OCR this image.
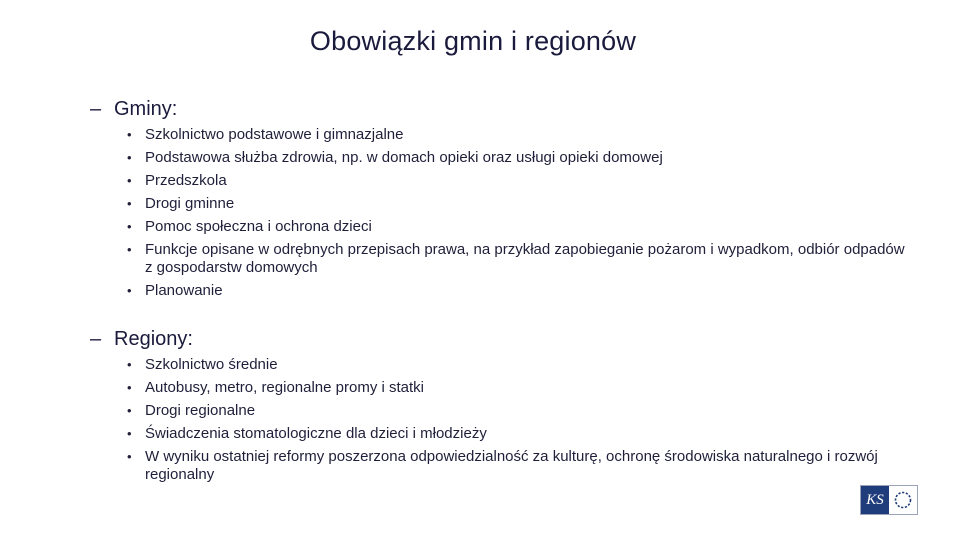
Obowiązki gmin i regionów
– Gminy:
• Szkolnictwo podstawowe i gimnazjalne
• Podstawowa służba zdrowia, np. w domach opieki oraz usługi opieki domowej
• Przedszkola
• Drogi gminne
• Pomoc społeczna i ochrona dzieci
• Funkcje opisane w odrębnych przepisach prawa, na przykład zapobieganie pożarom i wypadkom, odbiór odpadów z gospodarstw domowych
• Planowanie
– Regiony:
• Szkolnictwo średnie
• Autobusy, metro, regionalne promy i statki
• Drogi regionalne
• Świadczenia stomatologiczne dla dzieci i młodzieży
• W wyniku ostatniej reformy poszerzona odpowiedzialność za kulturę, ochronę środowiska naturalnego i rozwój regionalny
KS
